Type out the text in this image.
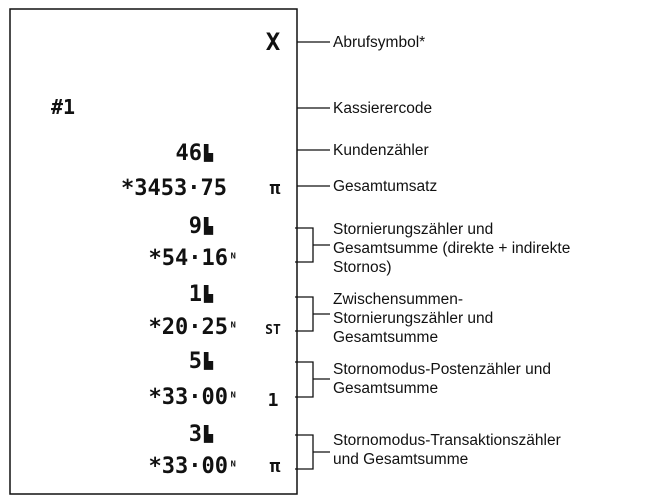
X
#1
46 ▙
*3453·75 π
9 ▙
*54·16 ᴺ
1 ▙
*20·25 ᴺ ST
5 ▙
*33·00 ᴺ 1
3 ▙
*33·00 ᴺ π
Abrufsymbol*
Kassierercode
Kundenzähler
Gesamtumsatz
Stornierungszähler und
Gesamtsumme (direkte + indirekte
Stornos)
Zwischensummen-
Stornierungszähler und
Gesamtsumme
Stornomodus-Postenzähler und
Gesamtsumme
Stornomodus-Transaktionszähler
und Gesamtsumme
